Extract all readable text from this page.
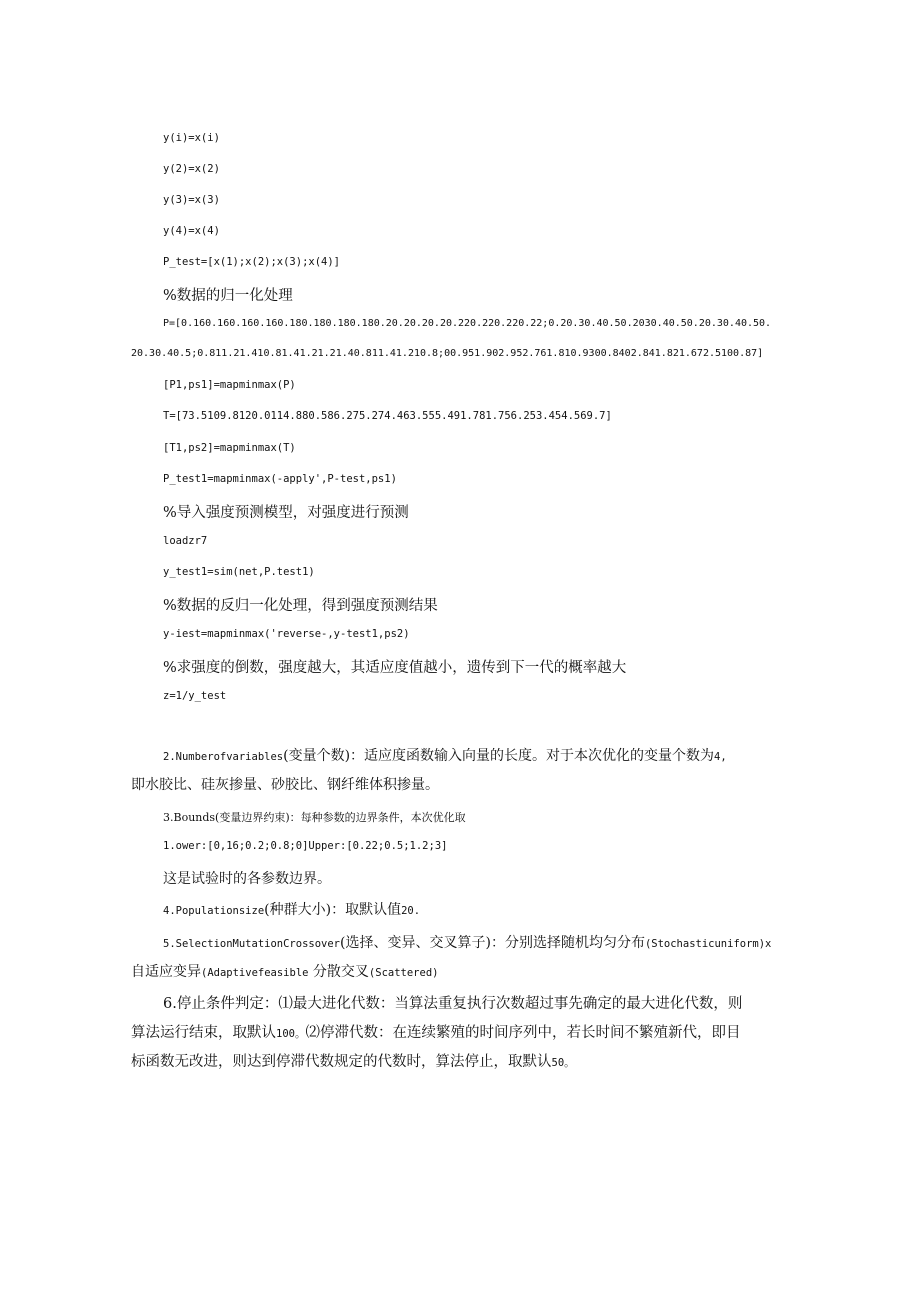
y(i)=x(i)

y(2)=x(2)

y(3)=x(3)

y(4)=x(4)

P_test=[x(1);x(2);x(3);x(4)]

%数据的归一化处理

P=[0.160.160.160.160.180.180.180.180.20.20.20.20.220.220.220.22;0.20.30.40.50.2030.40.50.20.30.40.50.

20.30.40.5;0.811.21.410.81.41.21.21.40.811.41.210.8;00.951.902.952.761.810.9300.8402.841.821.672.5100.87]

[P1,ps1]=mapminmax(P)

T=[73.5109.8120.0114.880.586.275.274.463.555.491.781.756.253.454.569.7]

[T1,ps2]=mapminmax(T)

P_test1=mapminmax(-apply',P-test,ps1)

%导入强度预测模型，对强度进行预测

loadzr7

y_test1=sim(net,P.test1)

%数据的反归一化处理，得到强度预测结果

y-iest=mapminmax('reverse-,y-test1,ps2)

%求强度的倒数，强度越大，其适应度值越小，遗传到下一代的概率越大

z=1/y_test

2.Numberofvariables(变量个数)：适应度函数输入向量的长度。对于本次优化的变量个数为4,

即水胶比、硅灰掺量、砂胶比、钢纤维体积掺量。

3.Bounds(变量边界约束)：每种参数的边界条件，本次优化取

1.ower:[0,16;0.2;0.8;0]Upper:[0.22;0.5;1.2;3]

这是试验时的各参数边界。

4.Populationsize(种群大小)：取默认值20.

5.SelectionMutationCrossover(选择、变异、交叉算子)：分别选择随机均匀分布(Stochasticuniform)x

自适应变异(Adaptivefeasible 分散交叉(Scattered)

6.停止条件判定：⑴最大进化代数：当算法重复执行次数超过事先确定的最大进化代数，则

算法运行结束，取默认100。⑵停滞代数：在连续繁殖的时间序列中，若长时间不繁殖新代，即目

标函数无改进，则达到停滞代数规定的代数时，算法停止，取默认50。
